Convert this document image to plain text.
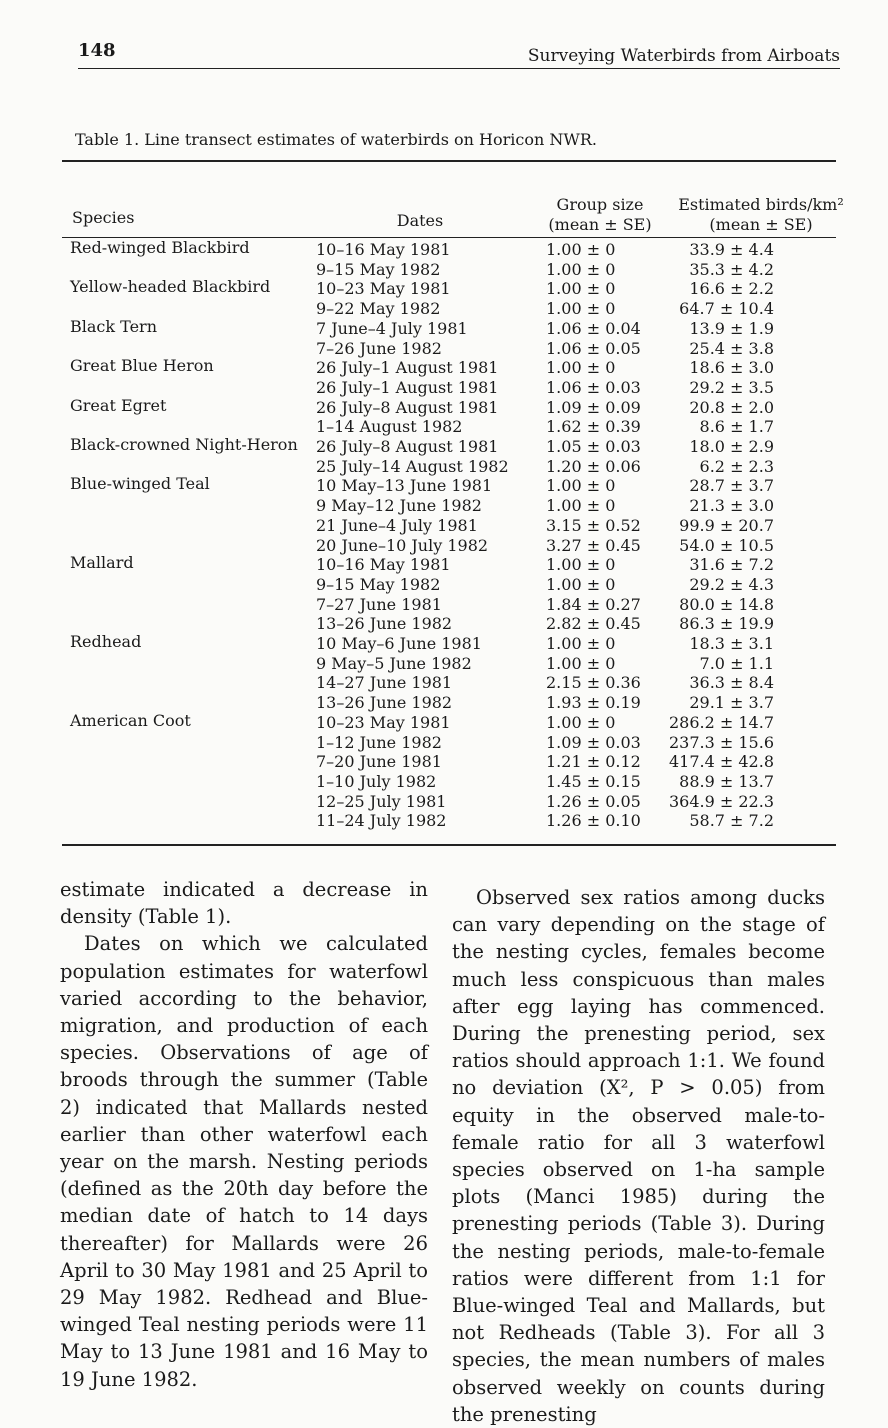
148	Surveying Waterbirds from Airboats
Table 1. Line transect estimates of waterbirds on Horicon NWR.
Species	Dates
Group size
(mean ± SE)
Estimated birds/km²
(mean ± SE)
Red-winged Blackbird	10–16 May 1981	1.00 ± 0	33.9 ± 4.4
9–15 May 1982	1.00 ± 0	35.3 ± 4.2
Yellow-headed Blackbird	10–23 May 1981	1.00 ± 0	16.6 ± 2.2
9–22 May 1982	1.00 ± 0	64.7 ± 10.4
Black Tern	7 June–4 July 1981	1.06 ± 0.04	13.9 ± 1.9
7–26 June 1982	1.06 ± 0.05	25.4 ± 3.8
Great Blue Heron	26 July–1 August 1981	1.00 ± 0	18.6 ± 3.0
26 July–1 August 1981	1.06 ± 0.03	29.2 ± 3.5
Great Egret	26 July–8 August 1981	1.09 ± 0.09	20.8 ± 2.0
1–14 August 1982	1.62 ± 0.39	8.6 ± 1.7
Black-crowned Night-Heron 26 July–8 August 1981	1.05 ± 0.03	18.0 ± 2.9
25 July–14 August 1982 1.20 ± 0.06	6.2 ± 2.3
Blue-winged Teal	10 May–13 June 1981	1.00 ± 0	28.7 ± 3.7
9 May–12 June 1982	1.00 ± 0	21.3 ± 3.0
21 June–4 July 1981	3.15 ± 0.52 99.9 ± 20.7
20 June–10 July 1982	3.27 ± 0.45 54.0 ± 10.5
Mallard	10–16 May 1981	1.00 ± 0	31.6 ± 7.2
9–15 May 1982	1.00 ± 0	29.2 ± 4.3
7–27 June 1981	1.84 ± 0.27 80.0 ± 14.8
13–26 June 1982	2.82 ± 0.45 86.3 ± 19.9
Redhead	10 May–6 June 1981	1.00 ± 0	18.3 ± 3.1
9 May–5 June 1982	1.00 ± 0	7.0 ± 1.1
14–27 June 1981	2.15 ± 0.36	36.3 ± 8.4
13–26 June 1982	1.93 ± 0.19	29.1 ± 3.7
American Coot	10–23 May 1981	1.00 ± 0	286.2 ± 14.7
1–12 June 1982	1.09 ± 0.03 237.3 ± 15.6
7–20 June 1981	1.21 ± 0.12 417.4 ± 42.8
1–10 July 1982	1.45 ± 0.15 88.9 ± 13.7
12–25 July 1981	1.26 ± 0.05 364.9 ± 22.3
11–24 July 1982	1.26 ± 0.10	58.7 ± 7.2

estimate indicated a decrease in density (Table 1).

Dates on which we calculated population estimates for waterfowl varied according to the behavior, migration, and production of each species. Observations of age of broods through the summer (Table 2) indicated that Mallards nested earlier than other waterfowl each year on the marsh. Nesting periods (defined as the 20th day before the median date of hatch to 14 days thereafter) for Mallards were 26 April to 30 May 1981 and 25 April to 29 May 1982. Redhead and Blue-winged Teal nesting periods were 11 May to 13 June 1981 and 16 May to 19 June 1982.

Observed sex ratios among ducks can vary depending on the stage of the nesting cycles, females become much less conspicuous than males after egg laying has commenced. During the prenesting period, sex ratios should approach 1:1. We found no deviation (X², P > 0.05) from equity in the observed male-to-female ratio for all 3 waterfowl species observed on 1-ha sample plots (Manci 1985) during the prenesting periods (Table 3). During the nesting periods, male-to-female ratios were different from 1:1 for Blue-winged Teal and Mallards, but not Redheads (Table 3). For all 3 species, the mean numbers of males observed weekly on counts during the prenesting
